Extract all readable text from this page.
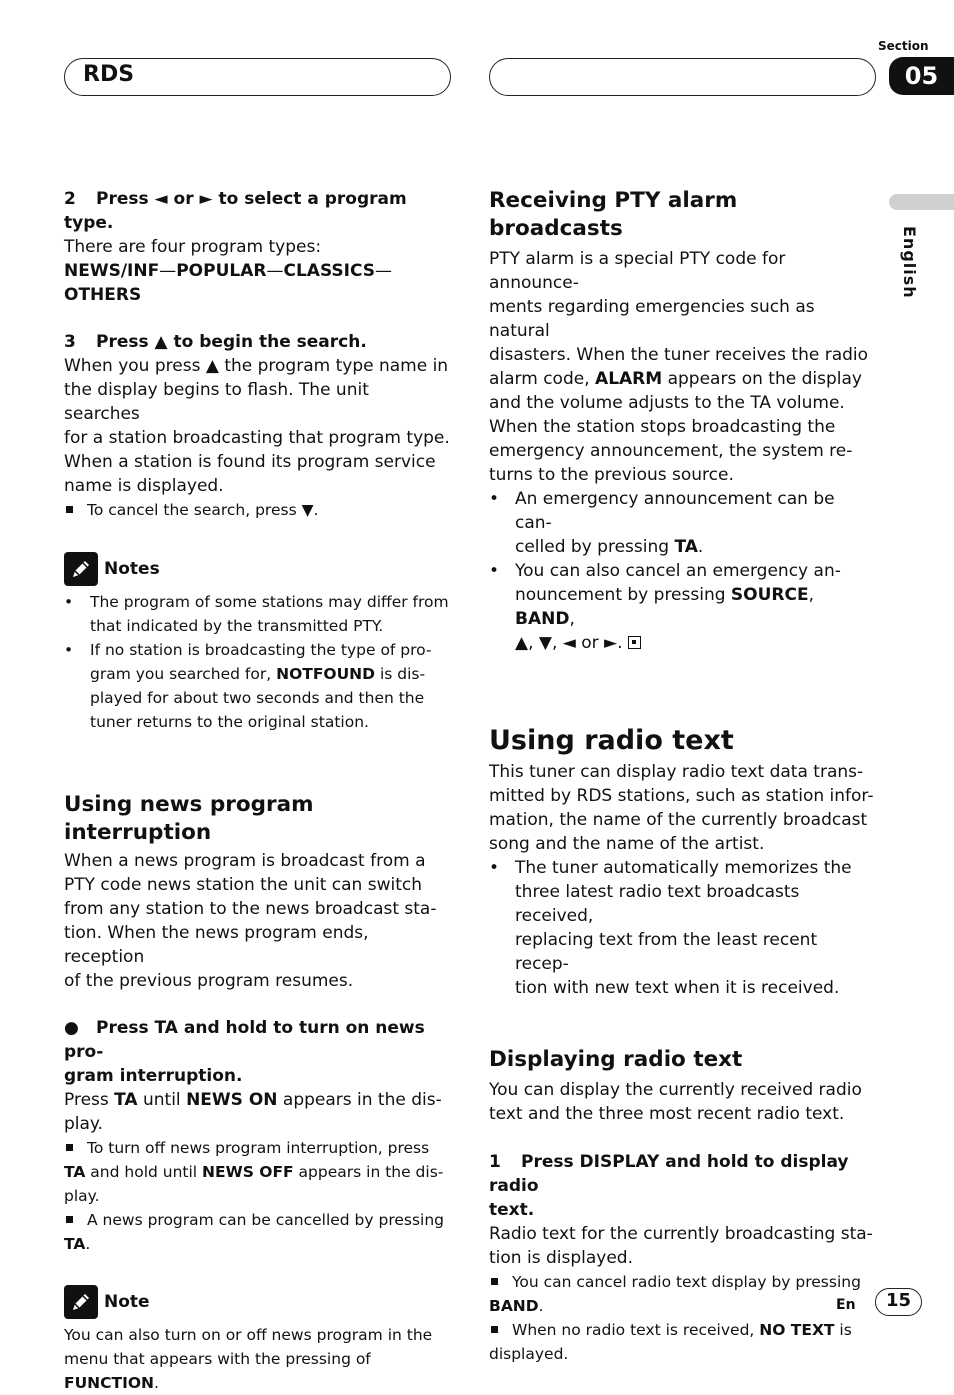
RDS
Section
05
English
2 Press ◄ or ► to select a program type.

There are four program types:

NEWS/INF—POPULAR—CLASSICS—
OTHERS

3 Press ▲ to begin the search.

When you press ▲ the program type name in
the display begins to flash. The unit searches
for a station broadcasting that program type.
When a station is found its program service
name is displayed.

To cancel the search, press ▼.

Notes
•	The program of some stations may differ from
that indicated by the transmitted PTY.
•	If no station is broadcasting the type of pro-
gram you searched for, NOTFOUND is dis-
played for about two seconds and then the
tuner returns to the original station.
Using news program interruption

When a news program is broadcast from a
PTY code news station the unit can switch
from any station to the news broadcast sta-
tion. When the news program ends, reception
of the previous program resumes.

● Press TA and hold to turn on news pro-
gram interruption.

Press TA until NEWS ON appears in the dis-
play.

To turn off news program interruption, press
TA and hold until NEWS OFF appears in the dis-
play.

A news program can be cancelled by pressing
TA.

Note

You can also turn on or off news program in the
menu that appears with the pressing of
FUNCTION.

Receiving PTY alarm broadcasts

PTY alarm is a special PTY code for announce-
ments regarding emergencies such as natural
disasters. When the tuner receives the radio
alarm code, ALARM appears on the display
and the volume adjusts to the TA volume.
When the station stops broadcasting the
emergency announcement, the system re-
turns to the previous source.

• An emergency announcement can be can-
celled by pressing TA.
• You can also cancel an emergency an-
nouncement by pressing SOURCE, BAND,
▲, ▼, ◄ or ►.
Using radio text

This tuner can display radio text data trans-
mitted by RDS stations, such as station infor-
mation, the name of the currently broadcast
song and the name of the artist.

• The tuner automatically memorizes the
three latest radio text broadcasts received,
replacing text from the least recent recep-
tion with new text when it is received.
Displaying radio text

You can display the currently received radio
text and the three most recent radio text.

1 Press DISPLAY and hold to display radio
text.

Radio text for the currently broadcasting sta-
tion is displayed.

You can cancel radio text display by pressing
BAND.

When no radio text is received, NO TEXT is
displayed.

En	15
